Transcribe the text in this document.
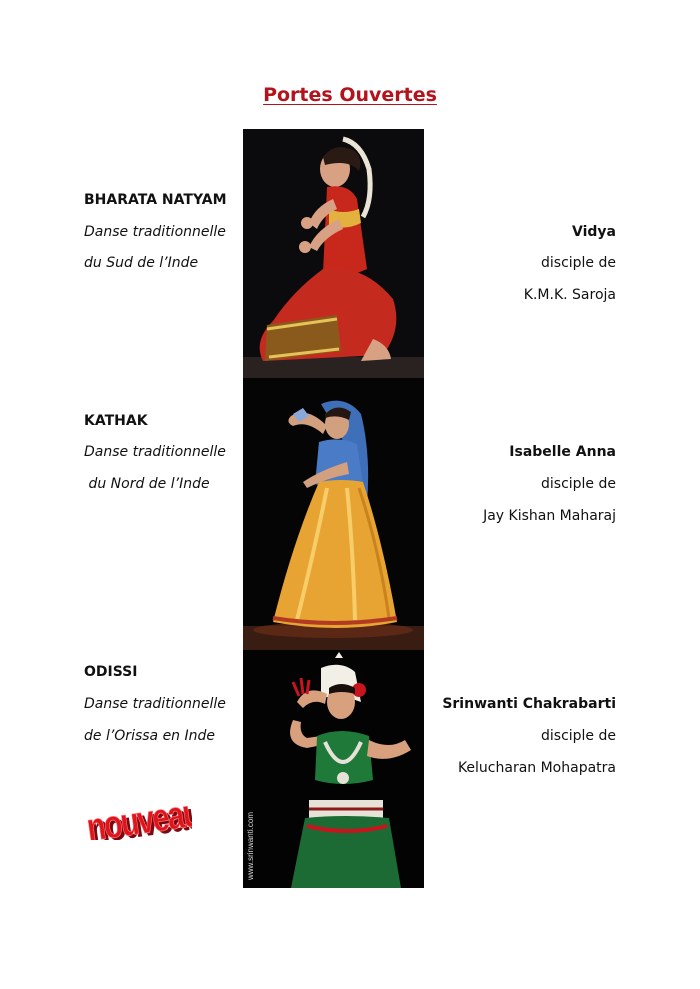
Portes Ouvertes
BHARATA NATYAM
Danse traditionnelle
du Sud de l’Inde
Vidya
disciple de
K.M.K. Saroja
KATHAK
Danse traditionnelle
du Nord de l’Inde
Isabelle Anna
disciple de
Jay Kishan Maharaj
ODISSI
Danse traditionnelle
de l’Orissa en Inde
Srinwanti Chakrabarti
disciple de
Kelucharan Mohapatra
www.srinwanti.com
nouveau
nouveau
